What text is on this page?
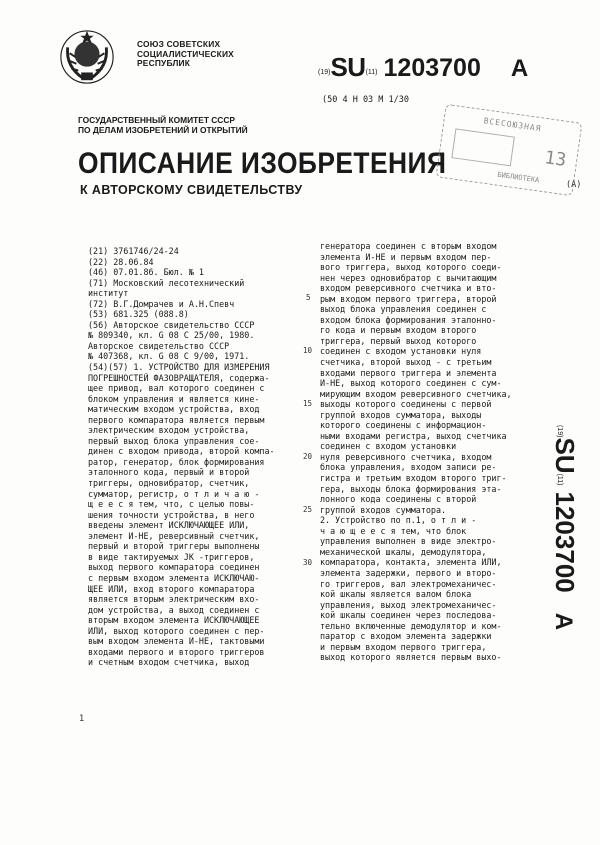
СОЮЗ СОВЕТСКИХ
СОЦИАЛИСТИЧЕСКИХ
РЕСПУБЛИК
(19)SU(11) 1203700 A
(50 4 Н 03 М 1/30
ГОСУДАРСТВЕННЫЙ КОМИТЕТ СССР
ПО ДЕЛАМ ИЗОБРЕТЕНИЙ И ОТКРЫТИЙ
ОПИСАНИЕ ИЗОБРЕТЕНИЯ
К АВТОРСКОМУ СВИДЕТЕЛЬСТВУ
ВСЕСОЮЗНАЯ
13
БИБЛИОТЕКА
(21) 3761746/24-24
(22) 28.06.84
(46) 07.01.86. Бюл. № 1
(71) Московский лесотехнический
институт
(72) В.Г.Домрачев и А.Н.Спевч
(53) 681.325 (088.8)
(56) Авторское свидетельство СССР
№ 809340, кл. G 08 С 25/00, 1980.
Авторское свидетельство СССР
№ 407368, кл. G 08 С 9/00, 1971.
(54)(57) 1. УСТРОЙСТВО ДЛЯ ИЗМЕРЕНИЯ
ПОГРЕШНОСТЕЙ ФАЗОВРАЩАТЕЛЯ, содержа-
щее привод, вал которого соединен с
блоком управления и является кине-
матическим входом устройства, вход
первого компаратора является первым
электрическим входом устройства,
первый выход блока управления сое-
динен с входом привода, второй компа-
ратор, генератор, блок формирования
эталонного кода, первый и второй
триггеры, одновибратор, счетчик,
сумматор, регистр, о т л и ч а ю -
щ е е с я тем, что, с целью повы-
шения точности устройства, в него
введены элемент ИСКЛЮЧАЮЩЕЕ ИЛИ,
элемент И-НЕ, реверсивный счетчик,
первый и второй триггеры выполнены
в виде тактируемых ЈК -триггеров,
выход первого компаратора соединен
с первым входом элемента ИСКЛЮЧАЮ-
ЩЕЕ ИЛИ, вход второго компаратора
является вторым электрическим вхо-
дом устройства, а выход соединен с
вторым входом элемента ИСКЛЮЧАЮЩЕЕ
ИЛИ, выход которого соединен с пер-
вым входом элемента И-НЕ, тактовыми
входами первого и второго триггеров
и счетным входом счетчика, выход
генератора соединен с вторым входом
элемента И-НЕ и первым входом пер-
вого триггера, выход которого соеди-
нен через одновибратор с вычитающим
входом реверсивного счетчика и вто-
рым входом первого триггера, второй
выход блока управления соединен с
входом блока формирования эталонно-
го кода и первым входом второго
триггера, первый выход которого
соединен с входом установки нуля
счетчика, второй выход - с третьим
входами первого триггера и элемента
И-НЕ, выход которого соединен с сум-
мирующим входом реверсивного счетчика,
выходы которого соединены с первой
группой входов сумматора, выходы
которого соединены с информацион-
ными входами регистра, выход счетчика
соединен с входом установки
нуля реверсивного счетчика, входом
блока управления, входом записи ре-
гистра и третьим входом второго триг-
гера, выходы блока формирования эта-
лонного кода соединены с второй
группой входов сумматора.
2. Устройство по п.1, о т л и -
ч а ю щ е е с я тем, что блок
управления выполнен в виде электро-
механической шкалы, демодулятора,
компаратора, контакта, элемента ИЛИ,
элемента задержки, первого и второ-
го триггеров, вал электромеханичес-
кой шкалы является валом блока
управления, выход электромеханичес-
кой шкалы соединен через последова-
тельно включенные демодулятор и ком-
паратор с входом элемента задержки
и первым входом первого триггера,
выход которого является первым выхо-
5
10
15
20
25
30
(A)
1
(19)SU(11)1203700A
